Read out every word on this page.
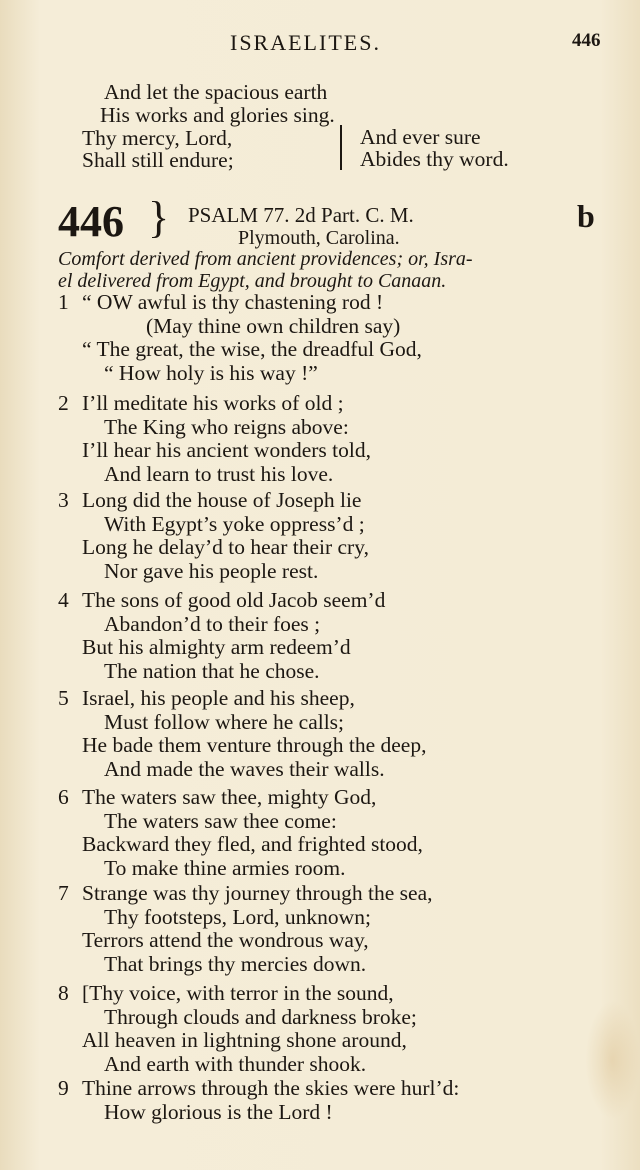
ISRAELITES.	446
And let the spacious earth
His works and glories sing.
Thy mercy, Lord,
Shall still endure;
And ever sure
Abides thy word.
446 } PSALM 77. 2d Part. C. M.
Plymouth, Carolina.
b
Comfort derived from ancient providences; or, Isra-
el delivered from Egypt, and brought to Canaan.
1 “ OW awful is thy chastening rod !
(May thine own children say)
“ The great, the wise, the dreadful God,
“ How holy is his way !”
2 I’ll meditate his works of old ;
The King who reigns above:
I’ll hear his ancient wonders told,
And learn to trust his love.
3 Long did the house of Joseph lie
With Egypt’s yoke oppress’d ;
Long he delay’d to hear their cry,
Nor gave his people rest.
4 The sons of good old Jacob seem’d
Abandon’d to their foes ;
But his almighty arm redeem’d
The nation that he chose.
5 Israel, his people and his sheep,
Must follow where he calls;
He bade them venture through the deep,
And made the waves their walls.
6 The waters saw thee, mighty God,
The waters saw thee come:
Backward they fled, and frighted stood,
To make thine armies room.
7 Strange was thy journey through the sea,
Thy footsteps, Lord, unknown;
Terrors attend the wondrous way,
That brings thy mercies down.
8 [Thy voice, with terror in the sound,
Through clouds and darkness broke;
All heaven in lightning shone around,
And earth with thunder shook.
9 Thine arrows through the skies were hurl’d:
How glorious is the Lord !
